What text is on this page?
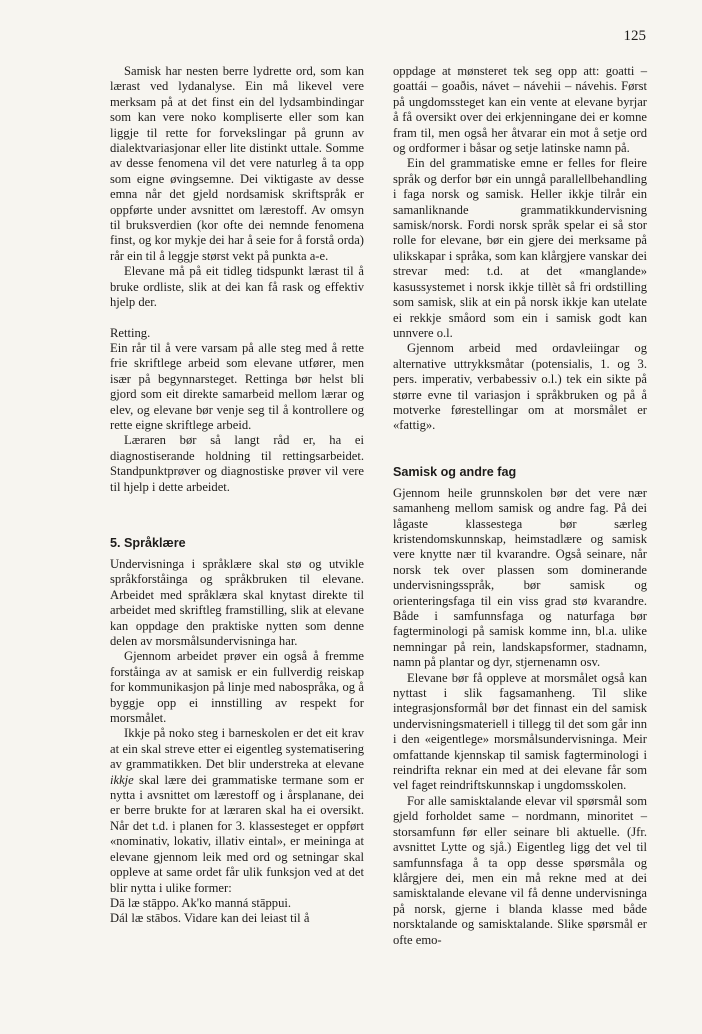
125

Samisk har nesten berre lydrette ord, som kan lærast ved lydanalyse. Ein må likevel vere merksam på at det finst ein del lydsambindingar som kan vere noko kompliserte eller som kan liggje til rette for forvekslingar på grunn av dialektvariasjonar eller lite distinkt uttale. Somme av desse fenomena vil det vere naturleg å ta opp som eigne øvingsemne. Dei viktigaste av desse emna når det gjeld nordsamisk skriftspråk er oppførte under avsnittet om lærestoff. Av omsyn til bruksverdien (kor ofte dei nemnde fenomena finst, og kor mykje dei har å seie for å forstå orda) rår ein til å leggje størst vekt på punkta a-e.

Elevane må på eit tidleg tidspunkt lærast til å bruke ordliste, slik at dei kan få rask og effektiv hjelp der.

Retting.

Ein rår til å vere varsam på alle steg med å rette frie skriftlege arbeid som elevane utfører, men især på begynnarsteget. Rettinga bør helst bli gjord som eit direkte samarbeid mellom lærar og elev, og elevane bør venje seg til å kontrollere og rette eigne skriftlege arbeid.

Læraren bør så langt råd er, ha ei diagnostiserande holdning til rettingsarbeidet. Standpunktprøver og diagnostiske prøver vil vere til hjelp i dette arbeidet.

5. Språklære

Undervisninga i språklære skal stø og utvikle språkforståinga og språkbruken til elevane. Arbeidet med språklæra skal knytast direkte til arbeidet med skriftleg framstilling, slik at elevane kan oppdage den praktiske nytten som denne delen av morsmålsundervisninga har.

Gjennom arbeidet prøver ein også å fremme forståinga av at samisk er ein fullverdig reiskap for kommunikasjon på linje med nabospråka, og å byggje opp ei innstilling av respekt for morsmålet.

Ikkje på noko steg i barneskolen er det eit krav at ein skal streve etter ei eigentleg systematisering av grammatikken. Det blir understreka at elevane ikkje skal lære dei grammatiske termane som er nytta i avsnittet om lærestoff og i årsplanane, dei er berre brukte for at læraren skal ha ei oversikt. Når det t.d. i planen for 3. klassesteget er oppført «nominativ, lokativ, illativ eintal», er meininga at elevane gjennom leik med ord og setningar skal oppleve at same ordet får ulik funksjon ved at det blir nytta i ulike former:

Dā læ stāppo. Ak'ko manná stāppui.

Dál læ stābos. Vidare kan dei leiast til å

oppdage at mønsteret tek seg opp att: goatti – goattái – goaðis, návet – návehii – návehis. Først på ungdomssteget kan ein vente at elevane byrjar å få oversikt over dei erkjenningane dei er komne fram til, men også her åtvarar ein mot å setje ord og ordformer i båsar og setje latinske namn på.

Ein del grammatiske emne er felles for fleire språk og derfor bør ein unngå parallellbehandling i faga norsk og samisk. Heller ikkje tilrår ein samanliknande grammatikkundervisning samisk/norsk. Fordi norsk språk spelar ei så stor rolle for elevane, bør ein gjere dei merksame på ulikskapar i språka, som kan klårgjere vanskar dei strevar med: t.d. at det «manglande» kasussystemet i norsk ikkje tillèt så fri ordstilling som samisk, slik at ein på norsk ikkje kan utelate ei rekkje småord som ein i samisk godt kan unnvere o.l.

Gjennom arbeid med ordavleiingar og alternative uttrykksmåtar (potensialis, 1. og 3. pers. imperativ, verbabessiv o.l.) tek ein sikte på større evne til variasjon i språkbruken og på å motverke førestellingar om at morsmålet er «fattig».

Samisk og andre fag

Gjennom heile grunnskolen bør det vere nær samanheng mellom samisk og andre fag. På dei lågaste klassestega bør særleg kristendomskunnskap, heimstadlære og samisk vere knytte nær til kvarandre. Også seinare, når norsk tek over plassen som dominerande undervisningsspråk, bør samisk og orienteringsfaga til ein viss grad stø kvarandre. Både i samfunnsfaga og naturfaga bør fagterminologi på samisk komme inn, bl.a. ulike nemningar på rein, landskapsformer, stadnamn, namn på plantar og dyr, stjernenamn osv.

Elevane bør få oppleve at morsmålet også kan nyttast i slik fagsamanheng. Til slike integrasjonsformål bør det finnast ein del samisk undervisningsmateriell i tillegg til det som går inn i den «eigentlege» morsmålsundervisninga. Meir omfattande kjennskap til samisk fagterminologi i reindrifta reknar ein med at dei elevane får som vel faget reindriftskunnskap i ungdomsskolen.

For alle samisktalande elevar vil spørsmål som gjeld forholdet same – nordmann, minoritet – storsamfunn før eller seinare bli aktuelle. (Jfr. avsnittet Lytte og sjå.) Eigentleg ligg det vel til samfunnsfaga å ta opp desse spørsmåla og klårgjere dei, men ein må rekne med at dei samisktalande elevane vil få denne undervisninga på norsk, gjerne i blanda klasse med både norsktalande og samisktalande. Slike spørsmål er ofte emo-
